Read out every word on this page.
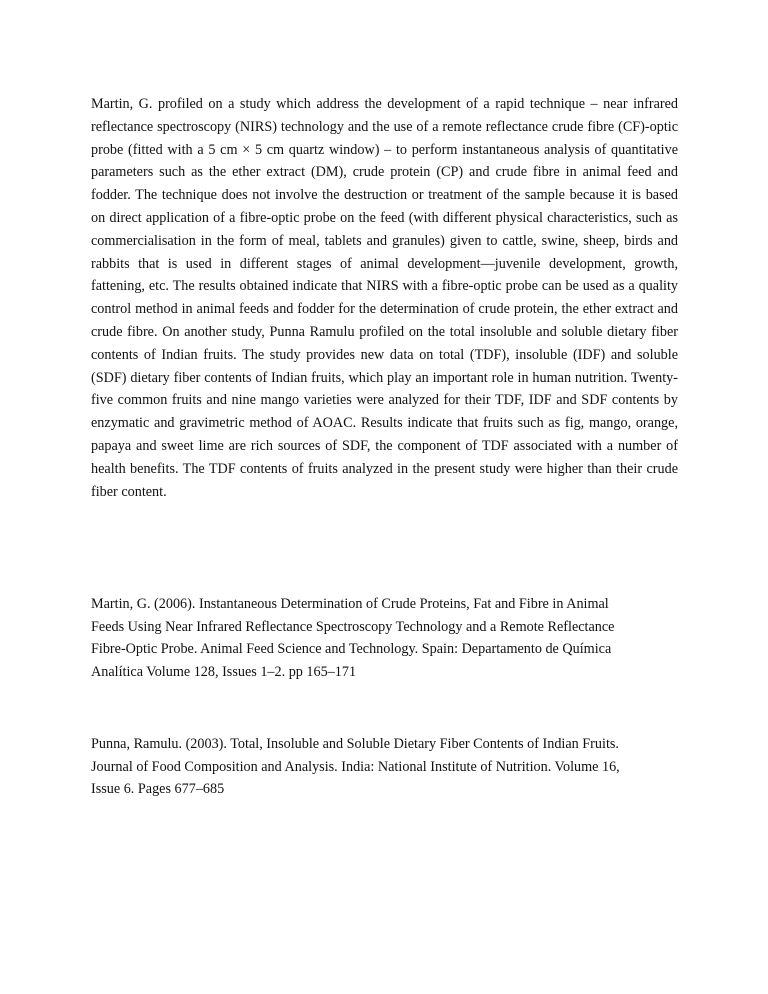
Martin, G. profiled on a study which address the development of a rapid technique – near infrared reflectance spectroscopy (NIRS) technology and the use of a remote reflectance crude fibre (CF)-optic probe (fitted with a 5 cm × 5 cm quartz window) – to perform instantaneous analysis of quantitative parameters such as the ether extract (DM), crude protein (CP) and crude fibre in animal feed and fodder. The technique does not involve the destruction or treatment of the sample because it is based on direct application of a fibre-optic probe on the feed (with different physical characteristics, such as commercialisation in the form of meal, tablets and granules) given to cattle, swine, sheep, birds and rabbits that is used in different stages of animal development—juvenile development, growth, fattening, etc. The results obtained indicate that NIRS with a fibre-optic probe can be used as a quality control method in animal feeds and fodder for the determination of crude protein, the ether extract and crude fibre. On another study, Punna Ramulu profiled on the total insoluble and soluble dietary fiber contents of Indian fruits. The study provides new data on total (TDF), insoluble (IDF) and soluble (SDF) dietary fiber contents of Indian fruits, which play an important role in human nutrition. Twenty-five common fruits and nine mango varieties were analyzed for their TDF, IDF and SDF contents by enzymatic and gravimetric method of AOAC. Results indicate that fruits such as fig, mango, orange, papaya and sweet lime are rich sources of SDF, the component of TDF associated with a number of health benefits. The TDF contents of fruits analyzed in the present study were higher than their crude fiber content.

Martin, G. (2006). Instantaneous Determination of Crude Proteins, Fat and Fibre in Animal
Feeds Using Near Infrared Reflectance Spectroscopy Technology and a Remote Reflectance
Fibre-Optic Probe. Animal Feed Science and Technology. Spain: Departamento de Química
Analítica Volume 128, Issues 1–2. pp 165–171
Punna, Ramulu. (2003). Total, Insoluble and Soluble Dietary Fiber Contents of Indian Fruits.
Journal of Food Composition and Analysis. India: National Institute of Nutrition. Volume 16,
Issue 6. Pages 677–685
